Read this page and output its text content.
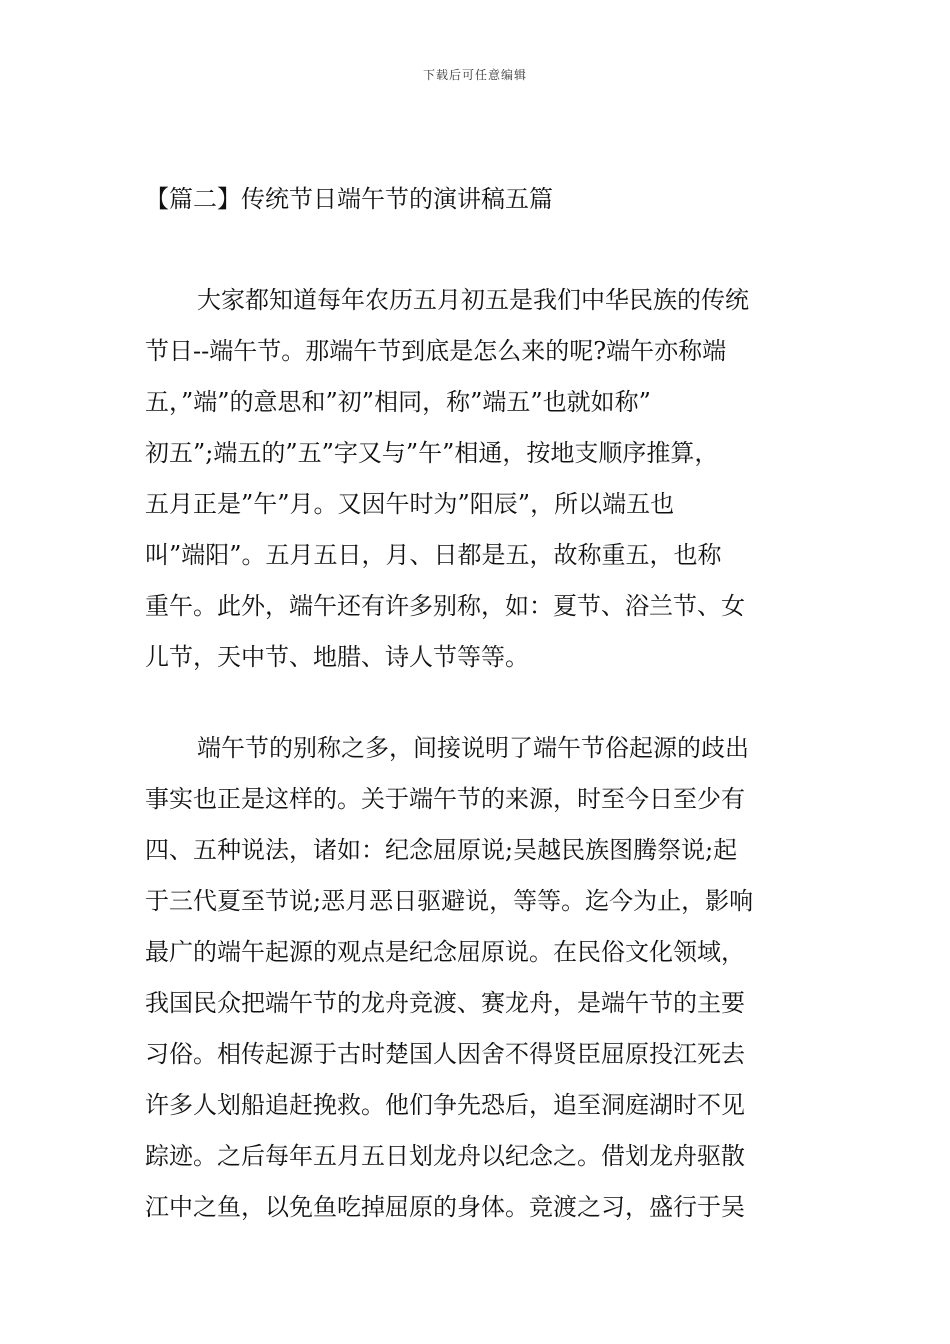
下载后可任意编辑
【篇二】传统节日端午节的演讲稿五篇
大家都知道每年农历五月初五是我们中华民族的传统
节日--端午节。那端午节到底是怎么来的呢?端午亦称端
五，”端”的意思和”初”相同，称”端五”也就如称”
初五”;端五的”五”字又与”午”相通，按地支顺序推算，
五月正是”午”月。又因午时为”阳辰”，所以端五也
叫”端阳”。五月五日，月、日都是五，故称重五，也称
重午。此外，端午还有许多别称，如：夏节、浴兰节、女
儿节，天中节、地腊、诗人节等等。
端午节的别称之多，间接说明了端午节俗起源的歧出
事实也正是这样的。关于端午节的来源，时至今日至少有
四、五种说法，诸如：纪念屈原说;吴越民族图腾祭说;起
于三代夏至节说;恶月恶日驱避说，等等。迄今为止，影响
最广的端午起源的观点是纪念屈原说。在民俗文化领域，
我国民众把端午节的龙舟竞渡、赛龙舟，是端午节的主要
习俗。相传起源于古时楚国人因舍不得贤臣屈原投江死去
许多人划船追赶挽救。他们争先恐后，追至洞庭湖时不见
踪迹。之后每年五月五日划龙舟以纪念之。借划龙舟驱散
江中之鱼，以免鱼吃掉屈原的身体。竞渡之习，盛行于吴
